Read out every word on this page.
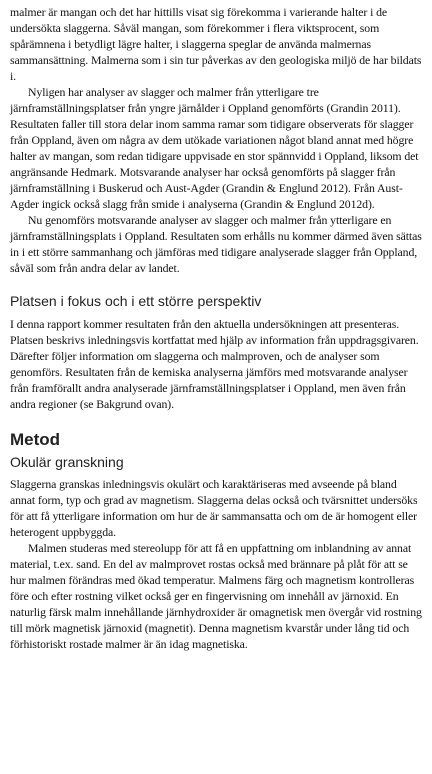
malmer är mangan och det har hittills visat sig förekomma i varierande halter i de undersökta slaggerna. Såväl mangan, som förekommer i flera viktsprocent, som spårämnena i betydligt lägre halter, i slaggerna speglar de använda malmernas sammansättning. Malmerna som i sin tur påverkas av den geologiska miljö de har bildats i.

Nyligen har analyser av slagger och malmer från ytterligare tre järnframställningsplatser från yngre järnålder i Oppland genomförts (Grandin 2011). Resultaten faller till stora delar inom samma ramar som tidigare observerats för slagger från Oppland, även om några av dem utökade variationen något bland annat med högre halter av mangan, som redan tidigare uppvisade en stor spännvidd i Oppland, liksom det angränsande Hedmark. Motsvarande analyser har också genomförts på slagger från järnframställning i Buskerud och Aust-Agder (Grandin & Englund 2012). Från Aust-Agder ingick också slagg från smide i analyserna (Grandin & Englund 2012d).

Nu genomförs motsvarande analyser av slagger och malmer från ytterligare en järnframställningsplats i Oppland. Resultaten som erhålls nu kommer därmed även sättas in i ett större sammanhang och jämföras med tidigare analyserade slagger från Oppland, såväl som från andra delar av landet.

Platsen i fokus och i ett större perspektiv

I denna rapport kommer resultaten från den aktuella undersökningen att presenteras. Platsen beskrivs inledningsvis kortfattat med hjälp av information från uppdragsgivaren. Därefter följer information om slaggerna och malmproven, och de analyser som genomförs. Resultaten från de kemiska analyserna jämförs med motsvarande analyser från framförallt andra analyserade järnframställningsplatser i Oppland, men även från andra regioner (se Bakgrund ovan).

Metod
Okulär granskning

Slaggerna granskas inledningsvis okulärt och karaktäriseras med avseende på bland annat form, typ och grad av magnetism. Slaggerna delas också och tvärsnittet undersöks för att få ytterligare information om hur de är sammansatta och om de är homogent eller heterogent uppbyggda.

Malmen studeras med stereolupp för att få en uppfattning om inblandning av annat material, t.ex. sand. En del av malmprovet rostas också med brännare på plåt för att se hur malmen förändras med ökad temperatur. Malmens färg och magnetism kontrolleras före och efter rostning vilket också ger en fingervisning om innehåll av järnoxid. En naturlig färsk malm innehållande järnhydroxider är omagnetisk men övergår vid rostning till mörk magnetisk järnoxid (magnetit). Denna magnetism kvarstår under lång tid och förhistoriskt rostade malmer är än idag magnetiska.
